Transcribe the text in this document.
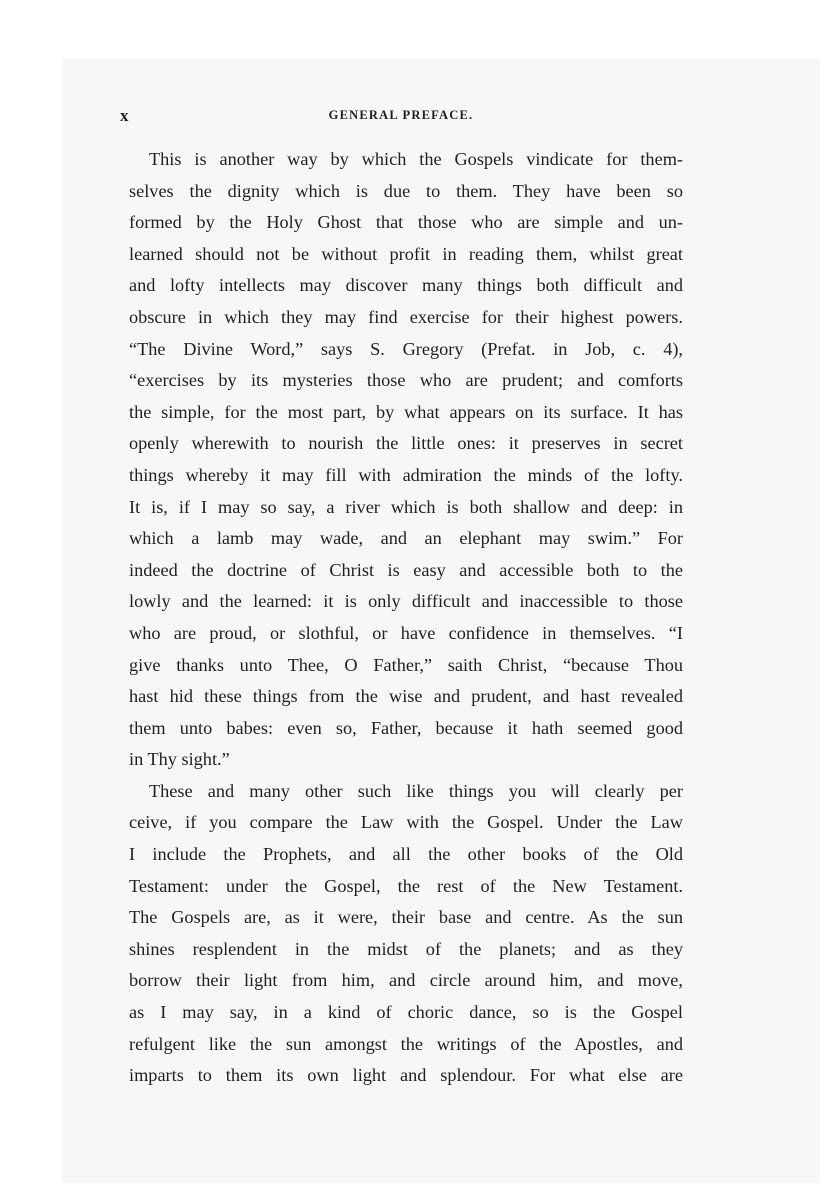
x	GENERAL PREFACE.
This is another way by which the Gospels vindicate for them-
selves the dignity which is due to them. They have been so
formed by the Holy Ghost that those who are simple and un-
learned should not be without profit in reading them, whilst great
and lofty intellects may discover many things both difficult and
obscure in which they may find exercise for their highest powers.
“The Divine Word,” says S. Gregory (Prefat. in Job, c. 4),
“exercises by its mysteries those who are prudent; and comforts
the simple, for the most part, by what appears on its surface. It has
openly wherewith to nourish the little ones: it preserves in secret
things whereby it may fill with admiration the minds of the lofty.
It is, if I may so say, a river which is both shallow and deep: in
which a lamb may wade, and an elephant may swim.” For
indeed the doctrine of Christ is easy and accessible both to the
lowly and the learned: it is only difficult and inaccessible to those
who are proud, or slothful, or have confidence in themselves. “I
give thanks unto Thee, O Father,” saith Christ, “because Thou
hast hid these things from the wise and prudent, and hast revealed
them unto babes: even so, Father, because it hath seemed good
in Thy sight.”
These and many other such like things you will clearly per
ceive, if you compare the Law with the Gospel. Under the Law
I include the Prophets, and all the other books of the Old
Testament: under the Gospel, the rest of the New Testament.
The Gospels are, as it were, their base and centre. As the sun
shines resplendent in the midst of the planets; and as they
borrow their light from him, and circle around him, and move,
as I may say, in a kind of choric dance, so is the Gospel
refulgent like the sun amongst the writings of the Apostles, and
imparts to them its own light and splendour. For what else are
